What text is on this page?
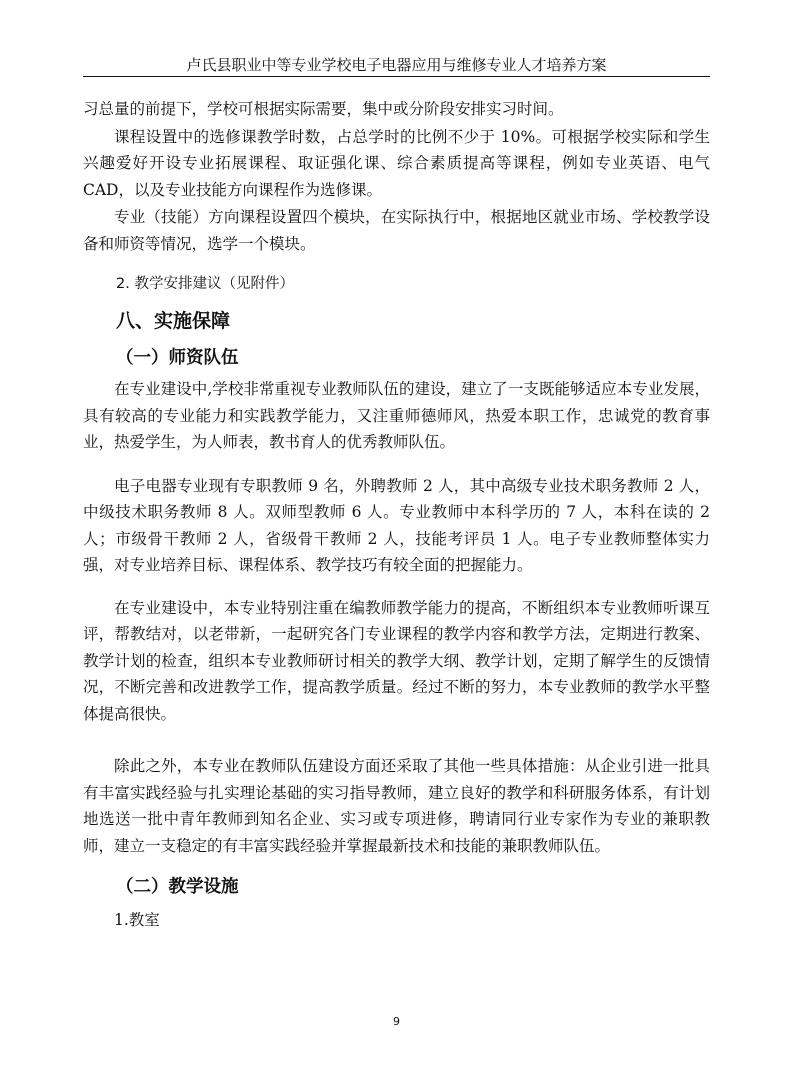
卢氏县职业中等专业学校电子电器应用与维修专业人才培养方案

习总量的前提下，学校可根据实际需要，集中或分阶段安排实习时间。

课程设置中的选修课教学时数，占总学时的比例不少于 10%。可根据学校实际和学生兴趣爱好开设专业拓展课程、取证强化课、综合素质提高等课程，例如专业英语、电气 CAD，以及专业技能方向课程作为选修课。

专业（技能）方向课程设置四个模块，在实际执行中，根据地区就业市场、学校教学设备和师资等情况，选学一个模块。

2. 教学安排建议（见附件）

八、实施保障
（一）师资队伍

在专业建设中,学校非常重视专业教师队伍的建设，建立了一支既能够适应本专业发展，具有较高的专业能力和实践教学能力，又注重师德师风，热爱本职工作，忠诚党的教育事业，热爱学生，为人师表，教书育人的优秀教师队伍。

电子电器专业现有专职教师 9 名，外聘教师 2 人，其中高级专业技术职务教师 2 人，中级技术职务教师 8 人。双师型教师 6 人。专业教师中本科学历的 7 人，本科在读的 2 人；市级骨干教师 2 人，省级骨干教师 2 人，技能考评员 1 人。电子专业教师整体实力强，对专业培养目标、课程体系、教学技巧有较全面的把握能力。

在专业建设中，本专业特别注重在编教师教学能力的提高，不断组织本专业教师听课互评，帮教结对，以老带新，一起研究各门专业课程的教学内容和教学方法，定期进行教案、教学计划的检查，组织本专业教师研讨相关的教学大纲、教学计划，定期了解学生的反馈情况，不断完善和改进教学工作，提高教学质量。经过不断的努力，本专业教师的教学水平整体提高很快。

除此之外，本专业在教师队伍建设方面还采取了其他一些具体措施：从企业引进一批具有丰富实践经验与扎实理论基础的实习指导教师，建立良好的教学和科研服务体系，有计划地选送一批中青年教师到知名企业、实习或专项进修，聘请同行业专家作为专业的兼职教师，建立一支稳定的有丰富实践经验并掌握最新技术和技能的兼职教师队伍。

（二）教学设施

1.教室

9
